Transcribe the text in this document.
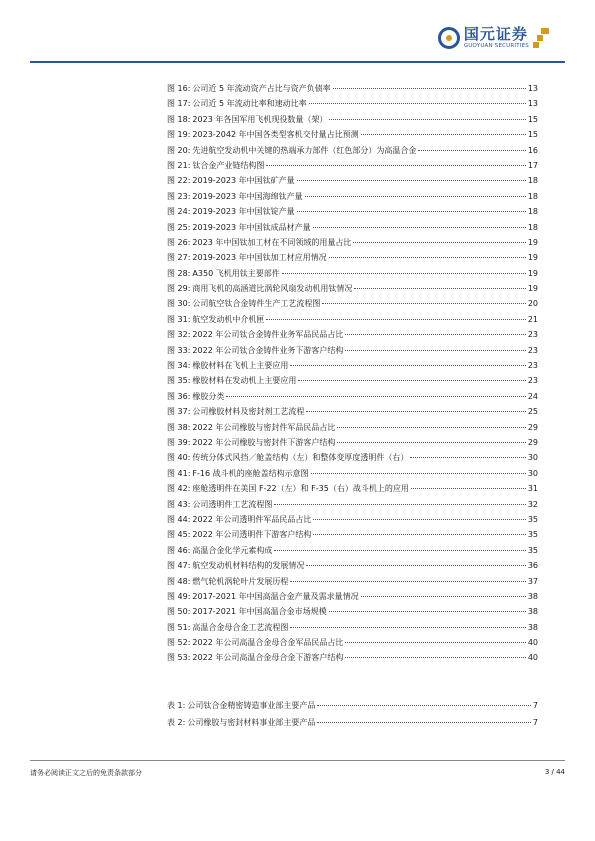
国元证券
GUOYUAN SECURITIES
图 16: 公司近 5 年流动资产占比与资产负债率	13
图 17: 公司近 5 年流动比率和速动比率	13
图 18: 2023 年各国军用飞机现役数量（架）	15
图 19: 2023-2042 年中国各类型客机交付量占比预测	15
图 20: 先进航空发动机中关键的热端承力部件（红色部分）为高温合金	16
图 21: 钛合金产业链结构图	17
图 22: 2019-2023 年中国钛矿产量	18
图 23: 2019-2023 年中国海绵钛产量	18
图 24: 2019-2023 年中国钛锭产量	18
图 25: 2019-2023 年中国钛成品材产量	18
图 26: 2023 年中国钛加工材在不同领域的用量占比	19
图 27: 2019-2023 年中国钛加工材应用情况	19
图 28: A350 飞机用钛主要部件	19
图 29: 商用飞机的高涵道比涡轮风扇发动机用钛情况	19
图 30: 公司航空钛合金铸件生产工艺流程图	20
图 31: 航空发动机中介机匣	21
图 32: 2022 年公司钛合金铸件业务军品民品占比	23
图 33: 2022 年公司钛合金铸件业务下游客户结构	23
图 34: 橡胶材料在飞机上主要应用	23
图 35: 橡胶材料在发动机上主要应用	23
图 36: 橡胶分类	24
图 37: 公司橡胶材料及密封剂工艺流程	25
图 38: 2022 年公司橡胶与密封件军品民品占比	29
图 39: 2022 年公司橡胶与密封件下游客户结构	29
图 40: 传统分体式风挡／舱盖结构（左）和整体变厚度透明件（右）	30
图 41: F-16 战斗机的座舱盖结构示意图	30
图 42: 座舱透明件在美国 F-22（左）和 F-35（右）战斗机上的应用	31
图 43: 公司透明件工艺流程图	32
图 44: 2022 年公司透明件军品民品占比	35
图 45: 2022 年公司透明件下游客户结构	35
图 46: 高温合金化学元素构成	35
图 47: 航空发动机材料结构的发展情况	36
图 48: 燃气轮机涡轮叶片发展历程	37
图 49: 2017-2021 年中国高温合金产量及需求量情况	38
图 50: 2017-2021 年中国高温合金市场规模	38
图 51: 高温合金母合金工艺流程图	38
图 52: 2022 年公司高温合金母合金军品民品占比	40
图 53: 2022 年公司高温合金母合金下游客户结构	40
表 1: 公司钛合金精密铸造事业部主要产品	7
表 2: 公司橡胶与密封材料事业部主要产品	7
请务必阅读正文之后的免责条款部分	3 / 44
